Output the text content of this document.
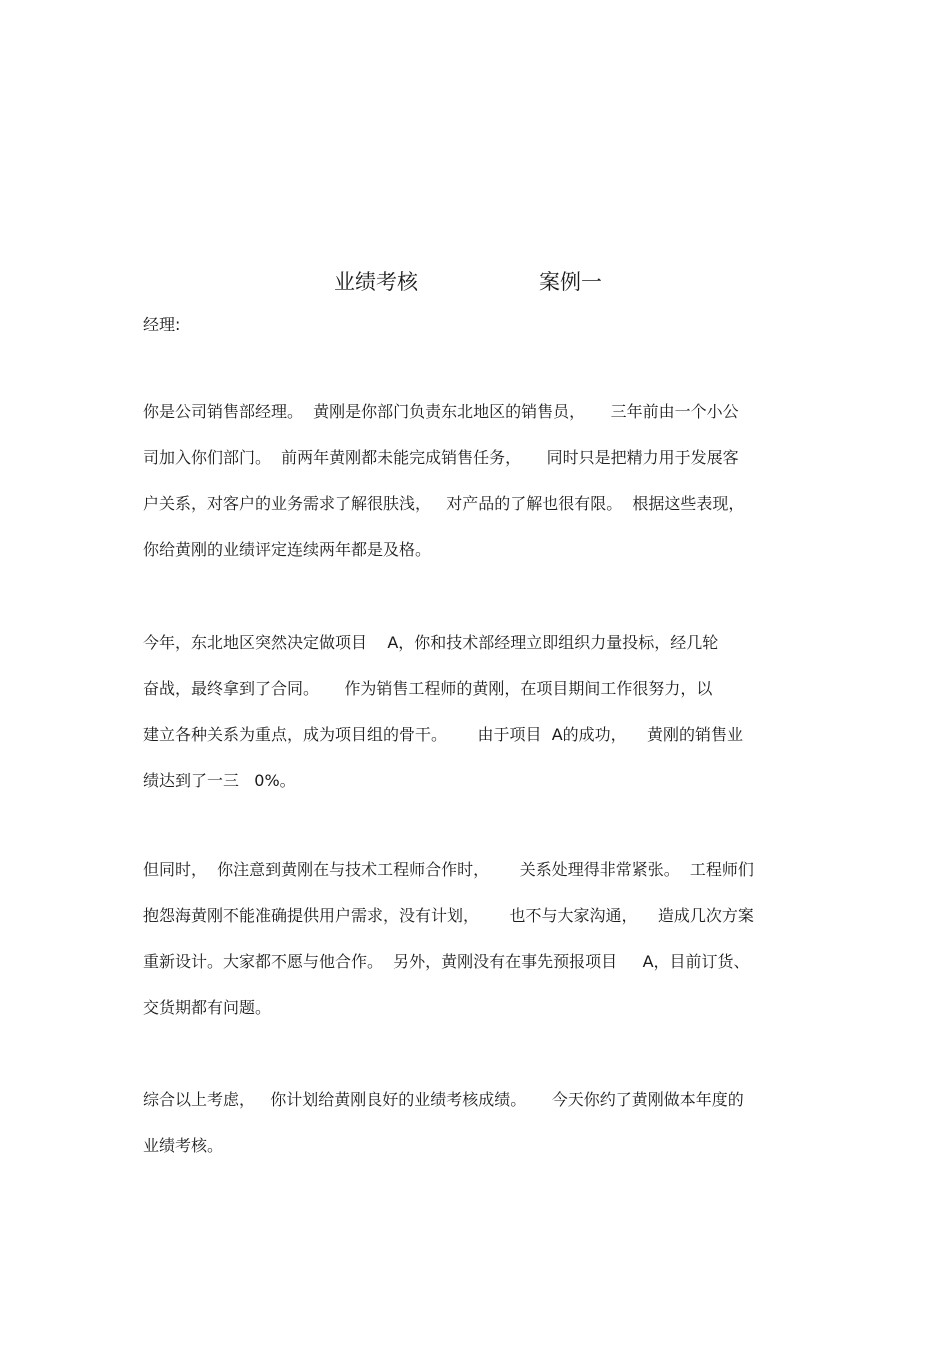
业绩考核	案例一
经理:
你是公司销售部经理。  黄刚是你部门负责东北地区的销售员，     三年前由一个小公
司加入你们部门。  前两年黄刚都未能完成销售任务，     同时只是把精力用于发展客
户关系，对客户的业务需求了解很肤浅，   对产品的了解也很有限。  根据这些表现，
你给黄刚的业绩评定连续两年都是及格。
今年，东北地区突然决定做项目    A，你和技术部经理立即组织力量投标，经几轮
奋战，最终拿到了合同。     作为销售工程师的黄刚，在项目期间工作很努力，以
建立各种关系为重点，成为项目组的骨干。      由于项目  A的成功，    黄刚的销售业
绩达到了一三   0%。
但同时，  你注意到黄刚在与技术工程师合作时，      关系处理得非常紧张。  工程师们
抱怨海黄刚不能准确提供用户需求，没有计划，      也不与大家沟通，    造成几次方案
重新设计。大家都不愿与他合作。  另外，黄刚没有在事先预报项目     A，目前订货、
交货期都有问题。
综合以上考虑，   你计划给黄刚良好的业绩考核成绩。     今天你约了黄刚做本年度的
业绩考核。
